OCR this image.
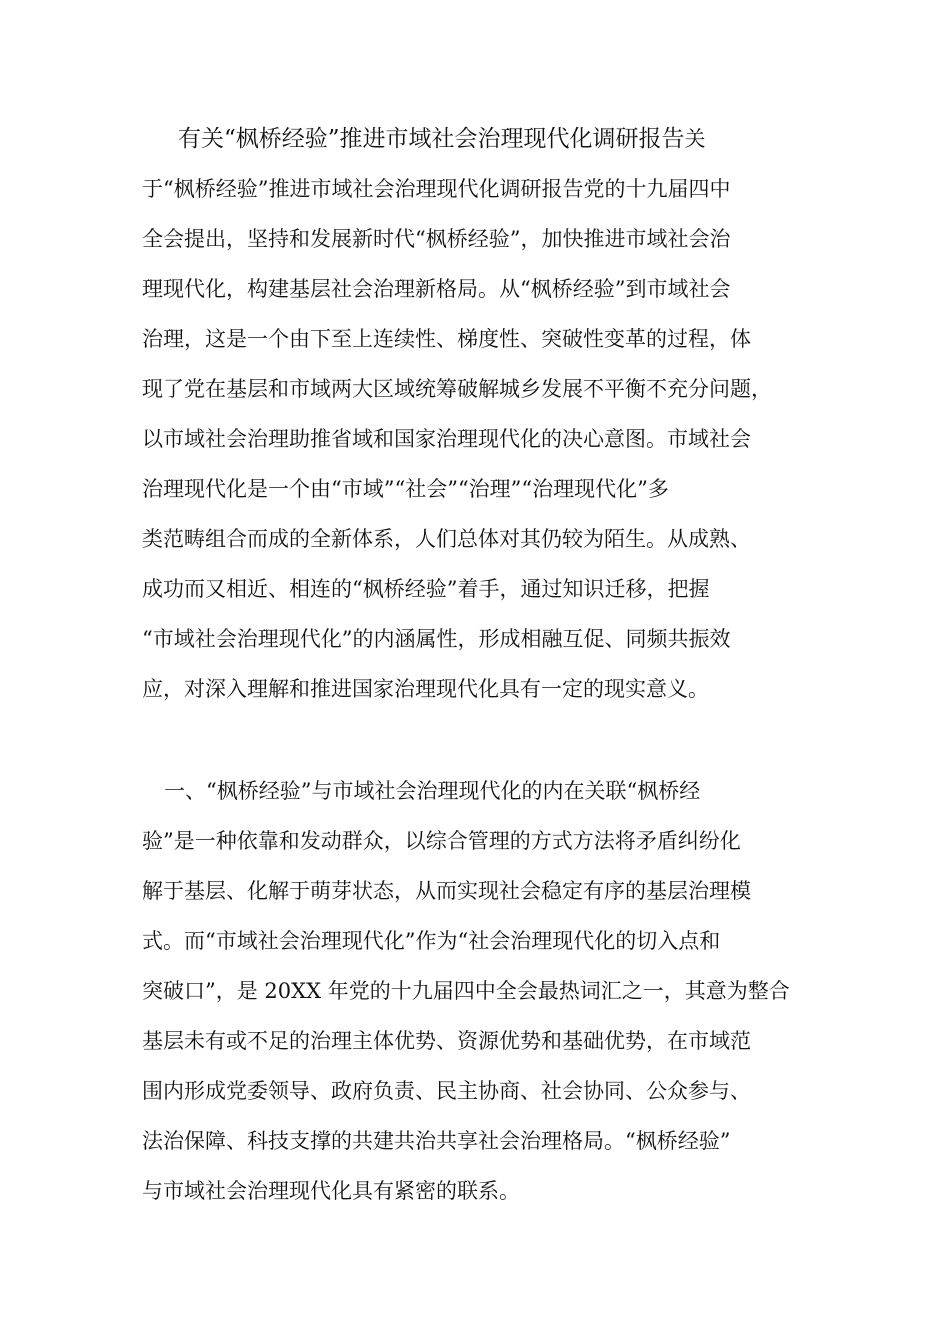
有关“枫桥经验”推进市域社会治理现代化调研报告关
于“枫桥经验”推进市域社会治理现代化调研报告党的十九届四中
全会提出，坚持和发展新时代“枫桥经验”，加快推进市域社会治
理现代化，构建基层社会治理新格局。从“枫桥经验”到市域社会
治理，这是一个由下至上连续性、梯度性、突破性变革的过程，体
现了党在基层和市域两大区域统筹破解城乡发展不平衡不充分问题，
以市域社会治理助推省域和国家治理现代化的决心意图。市域社会
治理现代化是一个由“市域”“社会”“治理”“治理现代化”多
类范畴组合而成的全新体系，人们总体对其仍较为陌生。从成熟、
成功而又相近、相连的“枫桥经验”着手，通过知识迁移，把握
“市域社会治理现代化”的内涵属性，形成相融互促、同频共振效
应，对深入理解和推进国家治理现代化具有一定的现实意义。
一、“枫桥经验”与市域社会治理现代化的内在关联“枫桥经
验”是一种依靠和发动群众，以综合管理的方式方法将矛盾纠纷化
解于基层、化解于萌芽状态，从而实现社会稳定有序的基层治理模
式。而“市域社会治理现代化”作为“社会治理现代化的切入点和
突破口”，是 20XX 年党的十九届四中全会最热词汇之一，其意为整合
基层未有或不足的治理主体优势、资源优势和基础优势，在市域范
围内形成党委领导、政府负责、民主协商、社会协同、公众参与、
法治保障、科技支撑的共建共治共享社会治理格局。“枫桥经验”
与市域社会治理现代化具有紧密的联系。
